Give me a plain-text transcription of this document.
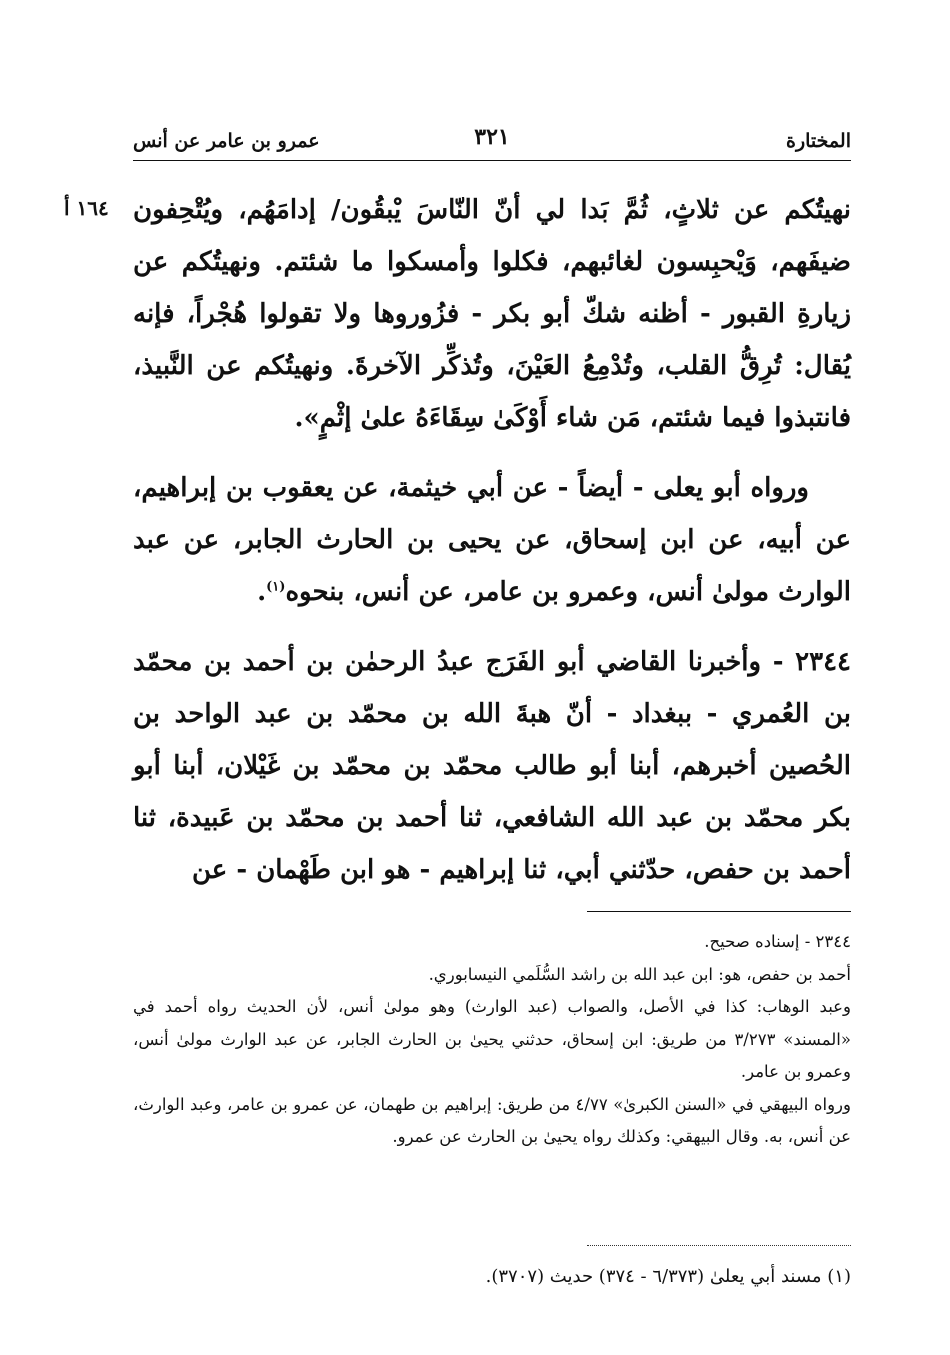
المختارة
٣٢١
عمرو بن عامر عن أنس
١٦٤ أ نهيتُكم عن ثلاثٍ، ثُمَّ بَدا لي أنّ النّاسَ يْبقُون/ إدامَهُم، ويُتْحِفون ضيفَهم، وَيْحبِسون لغائبهم، فكلوا وأمسكوا ما شئتم. ونهيتُكم عن زيارةِ القبور - أظنه شكّ أبو بكر - فزُوروها ولا تقولوا هُجْراً، فإنه يُقال: تُرِقُّ القلب، وتُدْمِعُ العَيْنَ، وتُذكِّر الآخرةَ. ونهيتُكم عن النَّبيذ، فانتبذوا فيما شئتم، مَن شاء أَوْكَىٰ سِقَاءَهُ علىٰ إثْمٍ».

ورواه أبو يعلى - أيضاً - عن أبي خيثمة، عن يعقوب بن إبراهيم، عن أبيه، عن ابن إسحاق، عن يحيى بن الحارث الجابر، عن عبد الوارث مولىٰ أنس، وعمرو بن عامر، عن أنس، بنحوه$^{(١)}$.

٢٣٤٤ - وأخبرنا القاضي أبو الفَرَج عبدُ الرحمٰن بن أحمد بن محمّد بن العُمري - ببغداد - أنّ هبةَ الله بن محمّد بن عبد الواحد بن الحُصين أخبرهم، أبنا أبو طالب محمّد بن محمّد بن غَيْلان، أبنا أبو بكر محمّد بن عبد الله الشافعي، ثنا أحمد بن محمّد بن عَبيدة، ثنا أحمد بن حفص، حدّثني أبي، ثنا إبراهيم - هو ابن طَهْمان - عن

٢٣٤٤ - إسناده صحيح.

أحمد بن حفص، هو: ابن عبد الله بن راشد السُّلَمي النيسابوري.

وعبد الوهاب: كذا في الأصل، والصواب (عبد الوارث) وهو مولىٰ أنس، لأن الحديث رواه أحمد في «المسند» ٣/٢٧٣ من طريق: ابن إسحاق، حدثني يحيىٰ بن الحارث الجابر، عن عبد الوارث مولىٰ أنس، وعمرو بن عامر.

ورواه البيهقي في «السنن الكبرىٰ» ٤/٧٧ من طريق: إبراهيم بن طهمان، عن عمرو بن عامر، وعبد الوارث، عن أنس، به. وقال البيهقي: وكذلك رواه يحيىٰ بن الحارث عن عمرو.

(١) مسند أبي يعلىٰ (٦/٣٧٣ - ٣٧٤) حديث (٣٧٠٧).
